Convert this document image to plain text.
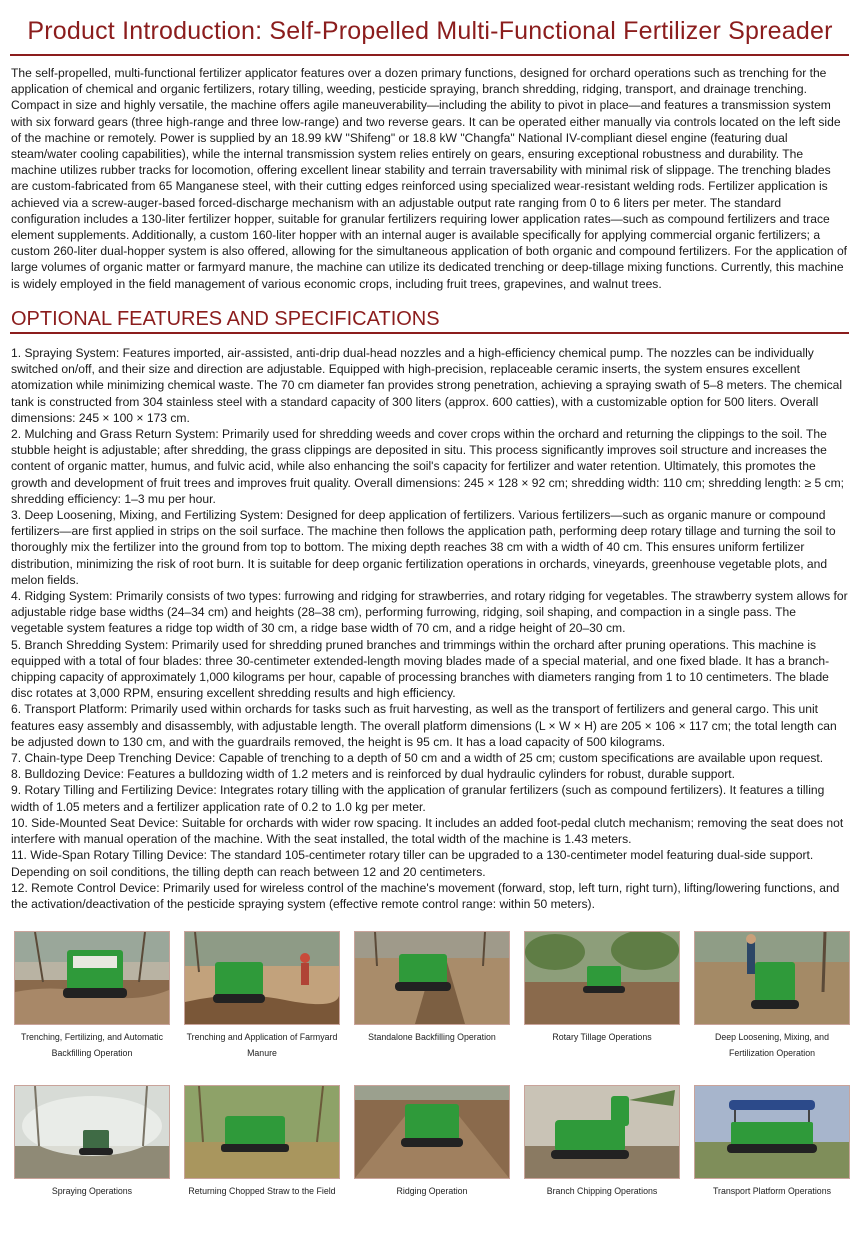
Product Introduction: Self-Propelled Multi-Functional Fertilizer Spreader

The self-propelled, multi-functional fertilizer applicator features over a dozen primary functions, designed for orchard operations such as trenching for the application of chemical and organic fertilizers, rotary tilling, weeding, pesticide spraying, branch shredding, ridging, transport, and drainage trenching. Compact in size and highly versatile, the machine offers agile maneuverability—including the ability to pivot in place—and features a transmission system with six forward gears (three high-range and three low-range) and two reverse gears. It can be operated either manually via controls located on the left side of the machine or remotely. Power is supplied by an 18.99 kW "Shifeng" or 18.8 kW "Changfa" National IV-compliant diesel engine (featuring dual steam/water cooling capabilities), while the internal transmission system relies entirely on gears, ensuring exceptional robustness and durability. The machine utilizes rubber tracks for locomotion, offering excellent linear stability and terrain traversability with minimal risk of slippage. The trenching blades are custom-fabricated from 65 Manganese steel, with their cutting edges reinforced using specialized wear-resistant welding rods. Fertilizer application is achieved via a screw-auger-based forced-discharge mechanism with an adjustable output rate ranging from 0 to 6 liters per meter. The standard configuration includes a 130-liter fertilizer hopper, suitable for granular fertilizers requiring lower application rates—such as compound fertilizers and trace element supplements. Additionally, a custom 160-liter hopper with an internal auger is available specifically for applying commercial organic fertilizers; a custom 260-liter dual-hopper system is also offered, allowing for the simultaneous application of both organic and compound fertilizers. For the application of large volumes of organic matter or farmyard manure, the machine can utilize its dedicated trenching or deep-tillage mixing functions. Currently, this machine is widely employed in the field management of various economic crops, including fruit trees, grapevines, and walnut trees.

OPTIONAL FEATURES AND SPECIFICATIONS
1. Spraying System: Features imported, air-assisted, anti-drip dual-head nozzles and a high-efficiency chemical pump. The nozzles can be individually switched on/off, and their size and direction are adjustable. Equipped with high-precision, replaceable ceramic inserts, the system ensures excellent atomization while minimizing chemical waste. The 70 cm diameter fan provides strong penetration, achieving a spraying swath of 5–8 meters. The chemical tank is constructed from 304 stainless steel with a standard capacity of 300 liters (approx. 600 catties), with a customizable option for 500 liters. Overall dimensions: 245 × 100 × 173 cm.
2. Mulching and Grass Return System: Primarily used for shredding weeds and cover crops within the orchard and returning the clippings to the soil. The stubble height is adjustable; after shredding, the grass clippings are deposited in situ. This process significantly improves soil structure and increases the content of organic matter, humus, and fulvic acid, while also enhancing the soil's capacity for fertilizer and water retention. Ultimately, this promotes the growth and development of fruit trees and improves fruit quality. Overall dimensions: 245 × 128 × 92 cm; shredding width: 110 cm; shredding length: ≥ 5 cm; shredding efficiency: 1–3 mu per hour.
3. Deep Loosening, Mixing, and Fertilizing System: Designed for deep application of fertilizers. Various fertilizers—such as organic manure or compound fertilizers—are first applied in strips on the soil surface. The machine then follows the application path, performing deep rotary tillage and turning the soil to thoroughly mix the fertilizer into the ground from top to bottom. The mixing depth reaches 38 cm with a width of 40 cm. This ensures uniform fertilizer distribution, minimizing the risk of root burn. It is suitable for deep organic fertilization operations in orchards, vineyards, greenhouse vegetable plots, and melon fields.
4. Ridging System: Primarily consists of two types: furrowing and ridging for strawberries, and rotary ridging for vegetables. The strawberry system allows for adjustable ridge base widths (24–34 cm) and heights (28–38 cm), performing furrowing, ridging, soil shaping, and compaction in a single pass. The vegetable system features a ridge top width of 30 cm, a ridge base width of 70 cm, and a ridge height of 20–30 cm.
5. Branch Shredding System: Primarily used for shredding pruned branches and trimmings within the orchard after pruning operations. This machine is equipped with a total of four blades: three 30-centimeter extended-length moving blades made of a special material, and one fixed blade. It has a branch-chipping capacity of approximately 1,000 kilograms per hour, capable of processing branches with diameters ranging from 1 to 10 centimeters. The blade disc rotates at 3,000 RPM, ensuring excellent shredding results and high efficiency.
6. Transport Platform: Primarily used within orchards for tasks such as fruit harvesting, as well as the transport of fertilizers and general cargo. This unit features easy assembly and disassembly, with adjustable length. The overall platform dimensions (L × W × H) are 205 × 106 × 117 cm; the total length can be adjusted down to 130 cm, and with the guardrails removed, the height is 95 cm. It has a load capacity of 500 kilograms.
7. Chain-type Deep Trenching Device: Capable of trenching to a depth of 50 cm and a width of 25 cm; custom specifications are available upon request.
8. Bulldozing Device: Features a bulldozing width of 1.2 meters and is reinforced by dual hydraulic cylinders for robust, durable support.
9. Rotary Tilling and Fertilizing Device: Integrates rotary tilling with the application of granular fertilizers (such as compound fertilizers). It features a tilling width of 1.05 meters and a fertilizer application rate of 0.2 to 1.0 kg per meter.
10. Side-Mounted Seat Device: Suitable for orchards with wider row spacing. It includes an added foot-pedal clutch mechanism; removing the seat does not interfere with manual operation of the machine. With the seat installed, the total width of the machine is 1.43 meters.
11. Wide-Span Rotary Tilling Device: The standard 105-centimeter rotary tiller can be upgraded to a 130-centimeter model featuring dual-side support. Depending on soil conditions, the tilling depth can reach between 12 and 20 centimeters.
12. Remote Control Device: Primarily used for wireless control of the machine's movement (forward, stop, left turn, right turn), lifting/lowering functions, and the activation/deactivation of the pesticide spraying system (effective remote control range: within 50 meters).
Trenching, Fertilizing, and Automatic Backfilling Operation
Trenching and Application of Farmyard Manure
Standalone Backfilling Operation	Rotary Tillage Operations	Deep Loosening, Mixing, and Fertilization Operation
Spraying Operations	Returning Chopped Straw to the Field	Ridging Operation	Branch Chipping Operations	Transport Platform Operations
